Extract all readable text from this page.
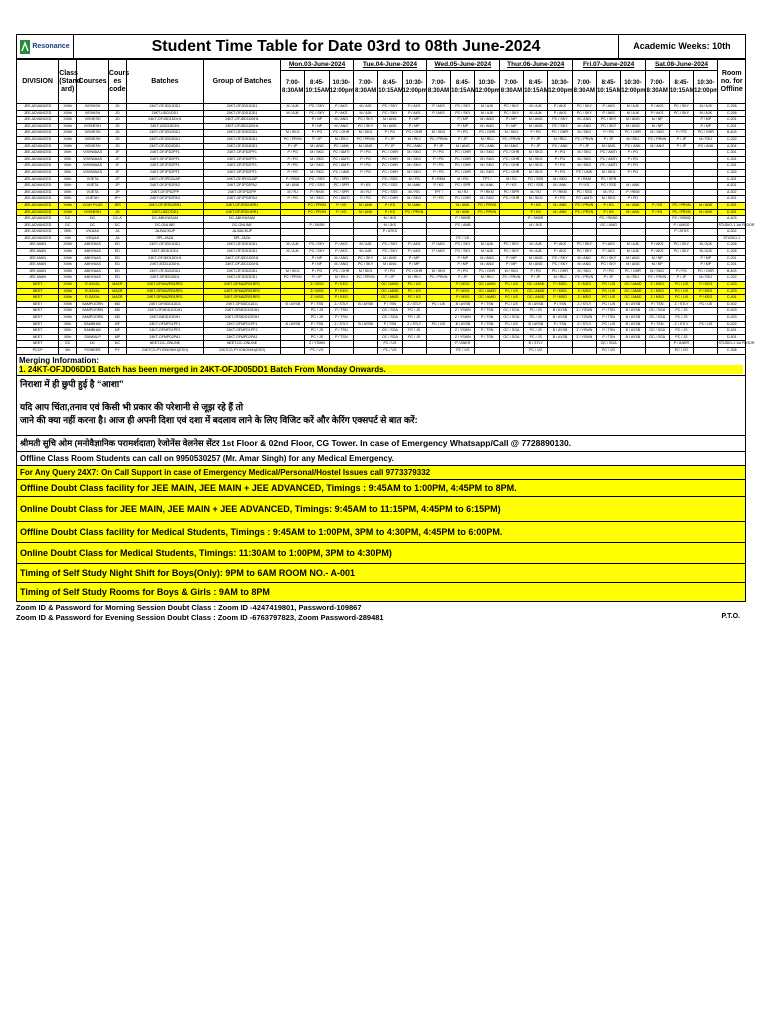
Resonance	Student Time Table for Date 03rd to 08th June-2024	Academic Weeks: 10th
DIVISION	Class (Stand ard)	Courses	Cours es code	Batches	Group of Batches	Mon.03-June-2024			Tue.04-June-2024			Wed.05-June-2024			Thur.06-June-2024			Fri.07-June-2024			Sat.08-June-2024			Room no. for Offline
						7:00-8:30AM	8:45-10:15AM	10:30-12:00pm	7:00-8:30AM	8:45-10:15AM	10:30-12:00pm	7:00-8:30AM	8:45-10:15AM	10:30-12:00pm	7:00-8:30AM	8:45-10:15AM	10:30-12:00pm	7:00-8:30AM	8:45-10:15AM	10:30-12:00pm	7:00-8:30AM	8:45-10:15AM	10:30-12:00pm	
JEE-ADVANCED	XIIIth	IVISHISH	JD	24KT-OFJDD1DD1	24KT-OFJDD1DD1	M / AJK	PC / SKY	P / AKS	M / AJK	PC / SKY	P / AKS	P / AKS	PC / SKY	M / AJK	PC / SKY	M / AJK	P / AKS	PC / SKY	P / AKS	M / AJK	P / AKS	PC / SKY	M / AJK	C-206
JEE-ADVANCED	XIIIth	IVISHISH	JD	24KT-UDD1DD1	24KT-OFJDD1DD1	M / AJK	PC / SKY	P / AKS	M / AJK	PC / SKY	P / AKS	P / AKS	PC / SKY	M / AJK	PC / SKY	M / AJK	P / AKS	PC / SKY	P / AKS	M / AJK	P / AKS	PC / SKY	M / AJK	C-206
JEE-ADVANCED	XIIIth	VISHESH	JD	24KT-OFJDD1DDH1	24KT-OFJDD1DDH1		P / NP	M / ANG	PC / SKY	M / ANG	P / MP		P / MP	M / ANG	P / MP	M / ANG	PC / SKY	M / ANG	PC / SKY	M / ANG	M / NP		P / MP	C-201
JEE-ADVANCED	XIIIth	IVISHESH	JD	24KT-UDD1DDH1	24KT-OFJDD1DDH1		P / NP	M / ANG	PC / SKY	M / ANG	P / MP		P / MP	M / ANG	P / MP	M / ANG	PC / SKY	M / ANG	PC / SKY	M / ANG	M / NP		P / MP	C-201
JEE-ADVANCED	XIIIth	VISHESH	JD	24KT-OFJDD2DD1	24KT-OFJDD2DD1	M / SKG	P / PG	PC / OHR	M / SKG	P / PG	PC / OHR	M / SKG	P / PG	PC / OHR	M / SKG	P / PG	PC / OHR	M / SKG	P / PG	PC / OHR	M / SKG	P / PG	PC / OHR	B-403
JEE-ADVANCED	XIIIth	VISHESH	JD	24KT-OFJDD3DD1	24KT-OFJDD3DD1	PC / PRVN	P / JP	M / RKJ	PC / PRVN	P / JP	M / RKJ	PC / PRVN	P / JP	M / RKJ	PC / PRVN	P / JP	M / RKJ	PC / PRVN	P / JP	M / RKJ	PC / PRVN	P / JP	M / RKJ	C-202
JEE-ADVANCED	XIIIth	VISHESH	JD	24KT-OFJDD4DD1	24KT-OFJDD4DD1	P / JP	M / ANG	PC / ANK	M / ANG	P / JP	PC / ANK	P / JP	M / ANG	PC / ANK	M / ANG	P / JP	PC / ANK	P / JP	M / ANG	PC / ANK	M / ANG	P / JP	PC / ANK	A-304
JEE-ADVANCED	XIIth	VISHWAAS	JF	24KT-OFJFD2PF1	24KT-OFJFD2PF1	P / PG	M / SKG	PC / AMTI	P / PG	PC / OHR	M / SKG	P / PG	PC / OHR	M / SKG	PC / OHR	M / SKG	P / PG	M / SKG	PC / AMTI	P / PG				C-301
JEE-ADVANCED	XIIth	VISHWAAS	JF	24KT-OFJFD2PF1	24KT-OFJFD2PF1	P / PG	M / SKG	PC / AMTI	P / PG	PC / OHR	M / SKG	P / PG	PC / OHR	M / SKG	PC / OHR	M / SKG	P / PG	M / SKG	PC / AMTI	P / PG				C-301
JEE-ADVANCED	XIIth	VISHWAAS	JF	24KT-OFJFD2PF1	24KT-OFJFD2PF1	P / PG	M / SKG	PC / AMTI	P / PG	PC / OHR	M / SKG	P / PG	PC / OHR	M / SKG	PC / OHR	M / SKG	P / PG	M / SKG	PC / AMTI	P / PG				C-301
JEE-ADVANCED	XIIth	VISHWAAS	JF	24KT-OFJFD2PF1	24KT-OFJFD2PF1	P / PG	M / SKG	PC / UMK	P / PG	PC / OHR	M / SKG	P / PG	PC / OHR	M / SKG	PC / OHR	M / SKG	P / PG	PC / UMK	M / SKG	P / PG				C-302
JEE-ADVANCED	XIIth	VIJETA	JP	24KT-OFJPD2UAP	24KT-OFJPD2UAP	P / RKM	PC / SSS	PC / SPR		PC / SSS	M / PG	P / RKM	M / RG	TPT /	M / RJ	PC / SSS	M / SKG	P / RKM	PC / SPR					C-301
JEE-ADVANCED	XIIth	VIJETA	JP	24KT-OFJPD2PA2	24KT-OFJPD2PA2	M / ANK	PC / SSS	PC / SPR	P / KS	PC / SSS	M / ANK	P / KS	PC / SPR	M / ANK	P / KS	PC / SSS	M / ANK	P / KS	PC / SSS	M / ANK				A-301
JEE-ADVANCED	XIIth	VIJETA	JP	24KT-OFJPD2PP	24KT-OFJPD2PP	M / RJ	P / RKM	PC / SPR	M / RJ	PC / SSS	M / RG	TPT /	M / RJ	P / RKM	PC / SPR	M / RJ	P / RKM	PC / SSS	M / RJ	P / RKM				A-302
JEE-ADVANCED	XIIth	VIJETA+	JP+	24KT-OFJPD2PA3	24KT-OFJPD2PA3	P / PG	M / SKG	PC / AMTI	P / PG	PC / OHR	M / SKG	P / PG	PC / OHR	M / SKG	PC / OHR	M / SKG	P / PG	PC / AMTI	M / SKG	P / PG				A-301
JEE-ADVANCED	XIIIth	VIJAY PLUS	JRS	24KT-OFJRS01RR1	24KT-OFJRS01RR1		PC / PRVN	P / KS	M / ANK	P / KS	M / ANK		M / ANK	PC / PRVN		P / KS	M / ANK	PC / PRVN	P / KS	M / ANK	P / KS	PC / PRVN	M / ANK	D-301
JEE-ADVANCED	XIIIth	IVISHESH	JD	24KT-UDD7DD1	24KT-OFJRS01RR1		PC / PRVN	P / KS	M / ANK	P / KS	PC / PRVN		M / ANK	PC / PRVN		P / KS	M / ANK	PC / PRVN	P / KS	M / ANK	P / KS	PC / PRVN	M / ANK	D-301
JEE-ADVANCED	DC	DC	DC-A	DC-ABHYASAM	DC-ABHYASAM					M / JKS			P / SKBR			P / SKBR			PC / RKBG			PC / RKBG		A-403
JEE-ADVANCED	DC	DC	DC	DC-ONLINE	DC-ONLINE		P / SKBR			M / JKS			PC / ANB			M / JKS			OC / UMG			P / UMSG		STUDIO-1 1st FLOOR
JEE-ADVANCED	XIIth	VIKAAS	JA	JA-BACKUP	JA-BACKUP					P / ATKS												P / ATKS		A-302
JEE-ADVANCED	XIth	VIKAAS	JA	SPL-JAZA	SPL-JAZA								PC / VD											STUDIO-1
JEE-MAIN	XIIIth	ABHYAAS	ED	24KT-OFJDD1DD1	24KT-OFJDD1DD1	M / AJK	PC / SKY	P / AKS	M / AJK	PC / SKY	P / AKS	P / AKS	PC / SKY	M / AJK	PC / SKY	M / AJK	P / AKS	PC / SKY	P / AKS	M / AJK	P / AKS	PC / SKY	M / AJK	C-206
JEE-MAIN	XIIIth	ABHYAAS	ED	24KT-IEDD1DD1	24KT-OFJDD1DD1	M / AJK	PC / SKY	P / AKS	M / AJK	PC / SKY	P / AKS	P / AKS	PC / SKY	M / AJK	PC / SKY	M / AJK	P / AKS	PC / SKY	P / AKS	M / AJK	P / AKS	PC / SKY	M / AJK	C-206
JEE-MAIN	XIIIth	ABHYAAS	ED	24KT-OFJDD1DDH1	24KT-OFJDD1DDH1		P / NP	M / ANG	PC / SKY	M / ANG	P / MP		P / MP	M / ANG	P / MP	M / ANG	PC / SKY	M / ANG	PC / SKY	M / ANG	M / NP		P / MP	C-201
JEE-MAIN	XIIIth	ABHYAAS	ED	24KT-IEDD1DDH1	24KT-OFJDD1DDH1		P / NP	M / ANG	PC / SKY	M / ANG	P / MP		P / MP	M / ANG	P / MP	M / ANG	PC / SKY	M / ANG	PC / SKY	M / ANG	M / NP		P / MP	C-201
JEE-MAIN	XIIIth	ABHYAAS	ED	24KT-OFJDD2DD1	24KT-OFJDD2DD1	M / SKG	P / PG	PC / OHR	M / SKG	P / PG	PC / OHR	M / SKG	P / PG	PC / OHR	M / SKG	P / PG	PC / OHR	M / SKG	P / PG	PC / OHR	M / SKG	P / PG	PC / OHR	B-403
JEE-MAIN	XIIIth	ABHYAAS	ED	24KT-OFIED3DD1	24KT-OFJDD3DD1	PC / PRVN	P / JP	M / RKJ	PC / PRVN	P / JP	M / RKJ	PC / PRVN	P / JP	M / RKJ	PC / PRVN	P / JP	M / RKJ	PC / PRVN	P / JP	M / RKJ	PC / PRVN	P / JP	M / RKJ	C-202
NEET	XIIIth	R-SAYAL	MAZR	24KT-OFMAZR01RR1	24KT-OFMAZR01RR1		Z / MSG	P / KEG		OC / AMID	PC / US		P / MSG	OC / AMID	PC / US	OC / AMID	P / MSG	Z / MSG	PC / US	OC / AMID	Z / MSG	PC / US	P / KEG	C-403
NEET	XIIIth	R-SAYAL	MAZR	24KT-OFMAZR01RR1	24KT-OFMAZR01RR1		Z / MSG	P / KEG		OC / AMID	PC / US		P / MSG	OC / AMID	PC / US	OC / AMID	P / MSG	Z / MSG	PC / US	OC / AMID	Z / MSG	PC / US	P / KEG	C-403
NEET	XIIIth	R-SAYAL	MAZR	24KT-OFMAZR01RR1	24KT-OFMAZR01RR1		Z / MSG	P / KEG		OC / AMID	PC / US		P / MSG	OC / AMID	PC / US	OC / AMID	P / MSG	Z / MSG	PC / US	OC / AMID	Z / MSG	PC / US	P / KEG	C-401
NEET	XIIIth	SAMPOORN	MD	24KT-OFMDD1DD1	24KT-OFMDD1DD1	B / AYSB	P / TSN	Z / STLY	B / AYSB	P / TSN	Z / STLY	PC / US	B / AYSB	P / TSN	PC / US	B / AYSB	P / TSN	Z / STLY	PC / US	B / AYSB	P / TSN	Z / STLY	PC / US	D-402
NEET	XIIIth	SAMPOORN	MD	24KT-OFMDD1DDH1	24KT-OFMDD1DDH1		PC / JS	P / TSN		OC / SGA	PC / JS		Z / YSWN	P / TSN	OC / SGA	PC / JS	B / AYSB	Z / YSWN	P / TSN	B / AYSB	OC / SGA	PC / JS		D-403
NEET	XIIIth	SAMPOORN	MD	24KT-IMDD1DDH1	24KT-OFMDD1DDH1		PC / JS	P / TSN		OC / SGA	PC / JS		Z / YSWN	P / TSN	OC / SGA	PC / JS	B / AYSB	Z / YSWN	P / TSN	B / AYSB	OC / SGA	PC / JS		D-403
NEET	XIIth	SAMBHAV	MF	24KT-OFMFD1PF1	24KT-OFMFD1PF1	B / AYSB	P / TSN	Z / STLY	B / AYSB	P / TSN	Z / STLY	PC / US	B / AYSB	P / TSN	PC / US	B / AYSB	P / TSN	Z / STLY	PC / US	B / AYSB	P / TSN	Z / STLY	PC / US	D-402
NEET	XIIth	SAMBHAV	MF	24KT-OFMFD1PF2	24KT-OFMFD1PF2		PC / JS	P / TSN		OC / SGA	PC / JS		Z / YSWN	P / TSN	OC / SGA	PC / JS	B / AYSB	Z / YSWN	P / TSN	B / AYSB	OC / SGA	PC / JS		D-401
NEET	XIIth	SANKALP	MP	24KT-OFMPD2PA1	24KT-OFMPD2PA1		PC / JS	P / TSN		OC / SGA	PC / JS		Z / YSWN	P / TSN	OC / SGA	PC / JS	B / AYSB	Z / YSWN	P / TSN	B / AYSB	OC / SGA	PC / JS		D-401
NEET	DC	DC	DC	NEET-DC-ONLINE	NEET-DC-ONLINE		Z / YSWN			PC / US			P / ANKR			B / STLY			OC / SGA			P / ANKR		STUDIO-1 1st FLOOR
PCCP	Xth	PIONEER	PY	24KTCG-PYIONONH1(ESO)	24KTCG-PYIONONH1(ESO)		PC / VG			PC / VG			PC / VG			PC / VG			PC / VG			PC / VG		C-306
Merging Information:
1. 24KT-OFJD06DD1 Batch has been merged in 24KT-OFJD05DD1 Batch From Monday Onwards.
निराशा में ही छुपी हुई है “आशा”
यदि आप चिंता,तनाव एवं किसी भी प्रकार की परेशानी से जूझ रहे हैं तो
जाने की क्या नहीं करना है। आज ही अपनी दिशा एवं दशा में बदलाव लाने के लिए विजिट करें और केरिंग एक्सपर्ट से बात करें:
श्रीमती सुचि ओम (मनोवैज्ञानिक परामर्शदाता) रेजोनेंस वेलनेस सेंटर 1st Floor & 02nd Floor, CG Tower. In case of Emergency Whatsapp/Call @ 7728890130.
Offline Class Room Students can call on 9950530257 (Mr. Amar Singh) for any Medical Emergency.
For Any Query 24X7: On Call Support in case of Emergency Medical/Personal/Hostel Issues call 9773379332
Offline Doubt Class facility for JEE MAIN, JEE MAIN + JEE ADVANCED, Timings : 9:45AM to 1:00PM, 4:45PM to 8PM.
Online Doubt Class for JEE MAIN, JEE MAIN + JEE ADVANCED, Timings: 9:45AM to 11:15PM, 4:45PM to 6:15PM)
Offline Doubt Class facility for Medical Students, Timings : 9:45AM to 1:00PM, 3PM to 4:30PM, 4:45PM to 6:00PM.
Online Doubt Class for Medical Students, Timings: 11:30AM to 1:00PM, 3PM to 4:30PM)
Timing of Self Study Night Shift for Boys(Only): 9PM to 6AM ROOM NO.- A-001
Timing of Self Study Rooms for Boys & Girls : 9AM to 8PM
Zoom ID & Password for Morning Session Doubt Class : Zoom ID -4247419801, Password-109867
Zoom ID & Password for Evening Session Doubt Class : Zoom ID -6763797823, Zoom Password-289481	P.T.O.
